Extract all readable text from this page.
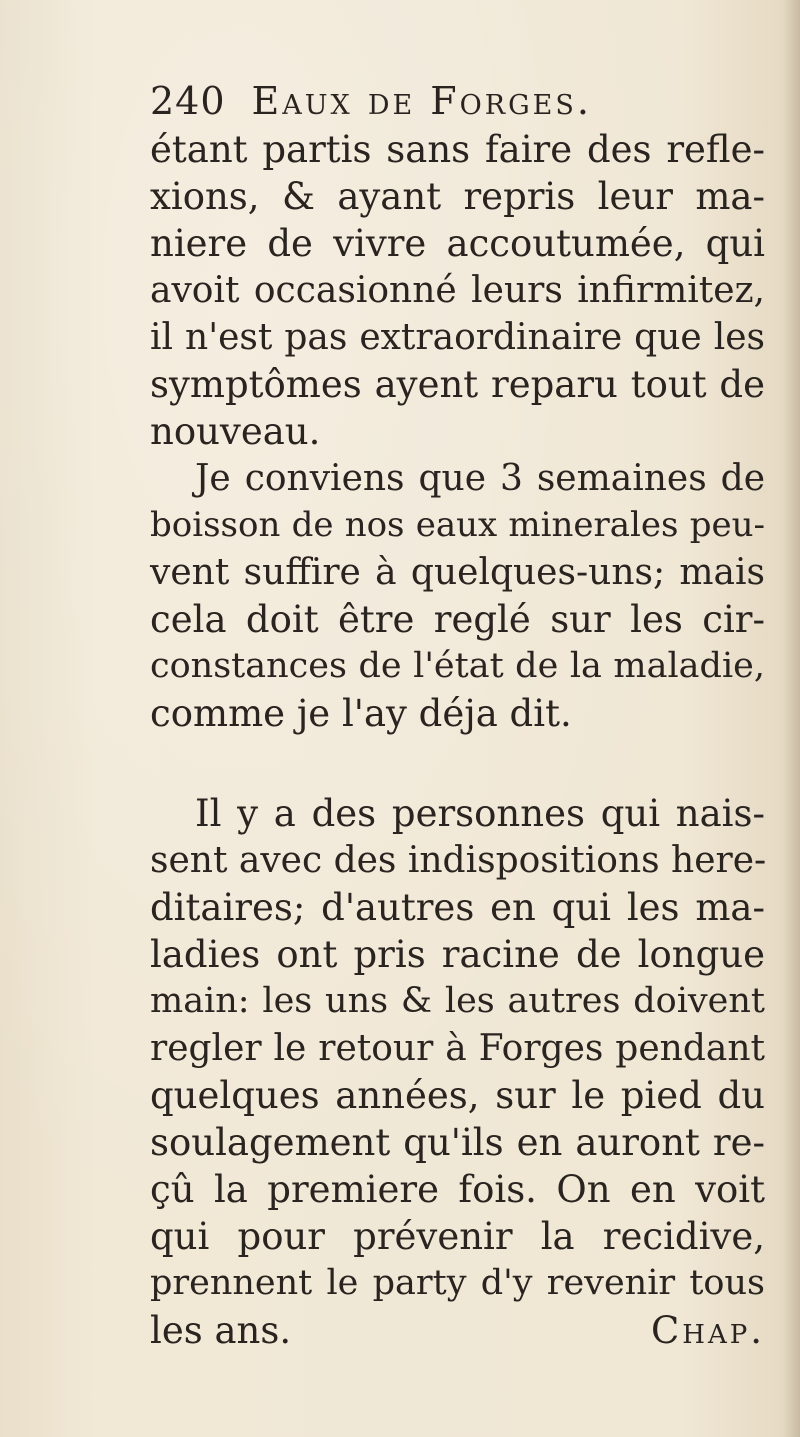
240 Eaux de Forges.
étant partis sans faire des refle-
xions, & ayant repris leur ma-
niere de vivre accoutumée, qui
avoit occasionné leurs infirmitez,
il n'est pas extraordinaire que les
symptômes ayent reparu tout de
nouveau.
Je conviens que 3 semaines de
boisson de nos eaux minerales peu-
vent suffire à quelques-uns; mais
cela doit être reglé sur les cir-
constances de l'état de la maladie,
comme je l'ay déja dit.
Il y a des personnes qui nais-
sent avec des indispositions here-
ditaires; d'autres en qui les ma-
ladies ont pris racine de longue
main: les uns & les autres doivent
regler le retour à Forges pendant
quelques années, sur le pied du
soulagement qu'ils en auront re-
çû la premiere fois. On en voit
qui pour prévenir la recidive,
prennent le party d'y revenir tous
les ans.	Chap.
